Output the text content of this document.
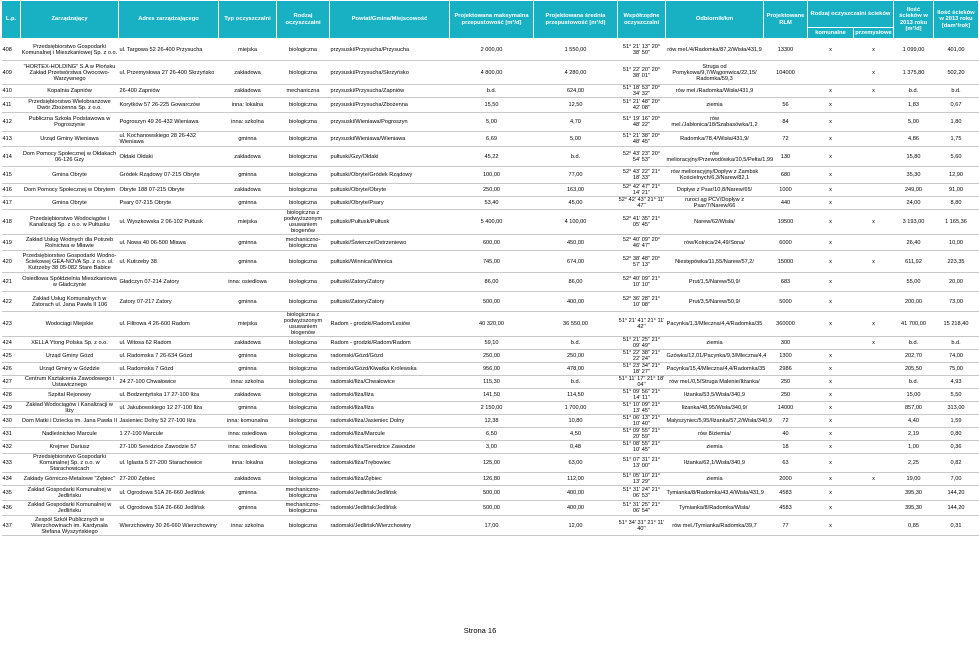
L.p.	Zarządzający	Adres zarządzającego	Typ oczyszczalni	Rodzaj oczyszczalni	Powiat/Gmina/Miejscowość	Projektowana maksymalna przepustowość [m³/d]	Projektowana średnia przepustowość [m³/d]	Współrzędne oczyszczalni	Odbiornik/km	Projektowane RLM	Rodzaj oczyszczalni ścieków		Ilość ścieków w 2013 roku [m³/d]	Ilość ścieków w 2013 roku [dam³/rok]
											komunalne	przemysłowe		
408	Przedsiębiorstwo Gospodarki Komunalnej i Mieszkaniowej Sp. z o.o.	ul. Targowa 52 26-400 Przysucha	miejska	biologiczna	przysuski/Przysucha/Przysucha	2 000,00	1 550,00	51° 21' 13'' 20° 38' 50''	rów mel./4/Radomka/87,2/Wisła/431,9	13300	x	x	1 099,00	401,00
409	"HORTEX-HOLDING" S.A w Płońsku Zakład Przetwórstwa Owocowo-Warzywnego	ul. Przemysłowa 27 26-400 Skrzyńsko	zakładowa	biologiczna	przysuski/Przysucha/Skrzyńsko	4 800,00	4 280,00	51° 22' 20'' 20° 38' 01''	Struga od Pomykowa/9,7/Wągonwica/22,15/ Radomka/59,3	104000		x	1 375,80	502,20
410	Kopalnia Zapniów	26-400 Zapniów	zakładowa	mechaniczna	przysuski/Przysucha/Zapniów	b.d.	624,00	51° 18' 53'' 20° 34' 32''	rów mel./Radomka/Wisła/431,9		x	x	b.d.	b.d.
411	Przedsiębiorstwo Wielobranżowe Dwór Zbożenna Sp. z o.o.	Korytków 57 26-225 Gowarczów	inna: lokalna	biologiczna	przysuski/Przysucha/Zbożenna	15,50	12,50	51° 21' 48'' 20° 42' 08''	ziemia	56	x		1,83	0,67
412	Publiczna Szkoła Podstawowa w Pogroszynie	Pogroszyn 49 26-432 Wieniawa	inna: szkolna	biologiczna	przysuski/Wieniawa/Pogroszyn	5,00	4,70	51° 19' 16'' 20° 48' 22''	rów mel./Jabłonica/18/Szabasówka/1,2	84	x		5,00	1,80
413	Urząd Gminy Wieniawa	ul. Kochanowskiego 28 26-432 Wieniawa	gminna	biologiczna	przysuski/Wieniawa/Wieniawa	6,69	5,00	51° 21' 38'' 20° 48' 45''	Radomka/78,4/Wisła/431,9/	72	x		4,86	1,75
414	Dom Pomocy Społecznej w Ołdakach 06-126 Gzy	Ołdaki Ołdaki	zakładowa	biologiczna	pułtuski/Gzy/Ołdaki	45,22	b.d.	52° 43' 23'' 20° 54' 53''	rów melioracyjny/Przewodówka/10,5/Pełta/1,99	130	x		15,80	5,60
415	Gmina Obryte	Gródek Rządowy 07-215 Obryte	gminna	biologiczna	pułtuski/Obryte/Gródek Rządowy	100,00	77,00	52° 43' 22'' 21° 18' 33''	rów melioracyjny/Dopływ z Zambsk Kościelnych/6,3/Narew/82,1	680	x		35,30	12,90
416	Dom Pomocy Społecznej w Obrytem	Obryte 188 07-215 Obryte	zakładowa	biologiczna	pułtuski/Obryte/Obryte	250,00	163,00	52° 42' 47'' 21° 14' 21''	Dopływ z Psar/10,8/Narew/65/	1000	x		249,00	91,00
417	Gmina Obryte	Psary 07-215 Obryte	gminna	biologiczna	pułtuski/Obryte/Psary	53,40	45,00	52° 42' 43'' 21° 11' 47''	ruroci ąg PCV/Dopływ z Psar/7/Narew/66	440	x		24,00	8,80
418	Przedsiębiorstwo Wodociągów i Kanalizacji Sp. z o.o. w Pułtusku	ul. Wyszkowska 2 06-102 Pułtusk	miejska	biologiczna z podwyższonym usuwaniem biogenów	pułtuski/Pułtusk/Pułtusk	5 400,00	4 100,00	52° 41' 35'' 21° 05' 45''	Narew/62/Wisła/	19500	x	x	3 193,00	1 165,36
419	Zakład Usług Wodnych dla Potrzeb Rolnictwa w Mławie	ul. Nowa 40 06-500 Mława	gminna	mechaniczno-biologiczna	pułtuski/Świercze/Ostrzeniewo	600,00	450,00	52° 40' 09'' 20° 46' 47''	rów/Kolnica/24,49/Sona/	6000	x		26,40	10,00
420	Przedsiębiorstwo Gospodarki Wodno-Ściekowej GEA-NOVA Sp. z o.o. ul. Kutrzeby 38 05-082 Stare Babice	ul. Kutrzeby 38	gminna	biologiczna	pułtuski/Winnica/Winnica	745,00	674,00	52° 38' 48'' 20° 57' 13''	Niestępówka/11,55/Narew/57,2/	15000	x	x	611,92	223,35
421	Osiedlowa Spółdzielnia Mieszkaniowa w Gładczynie	Gładczyn 07-214 Zatory	inna: osiedlowa	biologiczna	pułtuski/Zatory/Zatory	86,00	86,00	52° 40' 09'' 21° 10' 10''	Prut/1,5/Narew/50,9/	683	x		55,00	20,00
422	Zakład Usług Komunalnych w Zatorach ul. Jana Pawła II 106	Zatory 07-217 Zatory	gminna	biologiczna	pułtuski/Zatory/Zatory	500,00	400,00	52° 36' 28'' 21° 10' 08''	Prut/3,5/Narew/50,9/	5000	x		200,00	73,00
423	Wodociągi Miejskie	ul. Filtrowa 4 26-600 Radom	miejska	biologiczna z podwyższonym usuwaniem biogenów	Radom - grodzki/Radom/Lesiów	40 320,00	36 550,00	51° 21' 41'' 21° 11' 42''	Pacynka/1,3/Mleczna/4,4/Radomka/35	360000	x	x	41 700,00	15 218,40
424	XELLA Ytong Polska Sp. z o.o.	ul. Witosa 62 Radom	zakładowa	biologiczna	Radom - grodzki/Radom/Radom	59,10	b.d.	51° 21' 25'' 21° 09' 49''	ziemia	300		x	b.d.	b.d.
425	Urząd Gminy Gózd	ul. Radomska 7 26-634 Gózd	gminna	biologiczna	radomski/Gózd/Gózd	250,00	250,00	51° 22' 38'' 21° 22' 24''	Gzówka/12,01/Pacynka/9,3/Mleczna/4,4	1300	x		202,70	74,00
426	Urząd Gminy w Gózdzie	ul. Radomska 7 Gózd	gminna	biologiczna	radomski/Gózd/Kłwatka Królewska	956,00	478,00	51° 23' 34'' 21° 18' 27''	Pacynka/15,4/Mleczna/4,4/Radomka/35	2986	x		205,50	75,00
427	Centrum Kształcenia Zawodowego i Ustawicznego	24 27-100 Chwałowice	inna: szkolna	biologiczna	radomski/Iłża/Chwałowice	115,30	b.d.	51° 11' 17'' 21° 18' 04''	rów mel./0,5/Struga Malenie/Iłżanka/	250	x		b.d.	4,93
428	Szpital Rejonowy	ul. Bodzentyńska 17 27-100 Iłża	zakładowa	biologiczna	radomski/Iłża/Iłża	141,50	114,50	51° 09' 56'' 21° 14' 11''	Iłżanka/53,5/Wisła/340,9	250	x		15,00	5,50
429	Zakład Wodociągów i Kanalizacji w Iłży	ul. Jakubowskiego 12 27-100 Iłża	gminna	biologiczna	radomski/Iłża/Iłża	2 150,00	1 700,00	51° 10' 09'' 21° 13' 45''	Iłżanka/48,95/Wisła/340,9/	14000	x		857,00	313,00
430	Dom Matki i Dziecka im. Jana Pawła II	Jasieniec Dolny 52 27-100 Iłża	inna: komunalna	biologiczna	radomski/Iłża/Jasieniec Dolny	12,38	10,80	51° 06' 13'' 21° 10' 40''	Małyszyniec/5,95/Iłżanka/57,2/Wisła/340,9	72	x		4,40	1,59
431	Nadleśnictwo Marcule	1 27-100 Marcule	inna: osiedlowa	biologiczna	radomski/Iłża/Marcule	6,50	4,50	51° 09' 55'' 21° 20' 59''	rów 8/ziemia/	40	x		2,19	0,80
432	Krejmer Dariusz	27-100 Seredzice Zawodzie 57	inna: osiedlowa	biologiczna	radomski/Iłża/Seredzice Zawodzie	3,00	0,48	51° 08' 55'' 21° 10' 45''	ziemia	18	x		1,00	0,36
433	Przedsiębiorstwo Gospodarki Komunalnej Sp. z o.o. w Starachowicach	ul. Iglasta 5 27-200 Starachowice	inna: lokalna	biologiczna	radomski/Iłża/Trębowiec	125,00	63,00	51° 07' 31'' 21° 13' 00''	Iłżanka/62,1/Wisła/340,9	63	x		2,25	0,82
434	Zakłady Górniczo-Metalowe "Zębiec"	27-200 Zębiec	zakładowa	biologiczna	radomski/Iłża/Zębiec	126,80	112,00	51° 05' 10'' 21° 13' 29''	ziemia	2000	x	x	19,00	7,00
435	Zakład Gospodarki Komunalnej w Jedlińsku	ul. Ogrodowa 51A 26-660 Jedlińsk	gminna	mechaniczno-biologiczna	radomski/Jedlińsk/Jedlińsk	500,00	400,00	51° 31' 24'' 21° 06' 53''	Tymianka/8/Radomka/43,4/Wisła/431,9	4583	x		395,30	144,20
436	Zakład Gospodarki Komunalnej w Jedlińsku	ul. Ogrodowa 51A 26-660 Jedlińsk	gminna	mechaniczno-biologiczna	radomski/Jedlińsk/Jedlińsk	500,00	400,00	51° 31' 25'' 21° 06' 54''	Tymianka/8/Radomka/Wisła/	4583	x		395,30	144,20
437	Zespół Szkół Publicznych w Wierzchowinach im. Kardynała Stefana Wyszyńskiego	Wierzchowiny 30 26-660 Wierzchowiny	inna: szkolna	biologiczna	radomski/Jedlińsk/Wierzchowiny	17,00	12,00	51° 34' 31'' 21° 11' 40''	rów mel./Tymianka/Radomka/39,7	77	x		0,85	0,31
Strona 16
